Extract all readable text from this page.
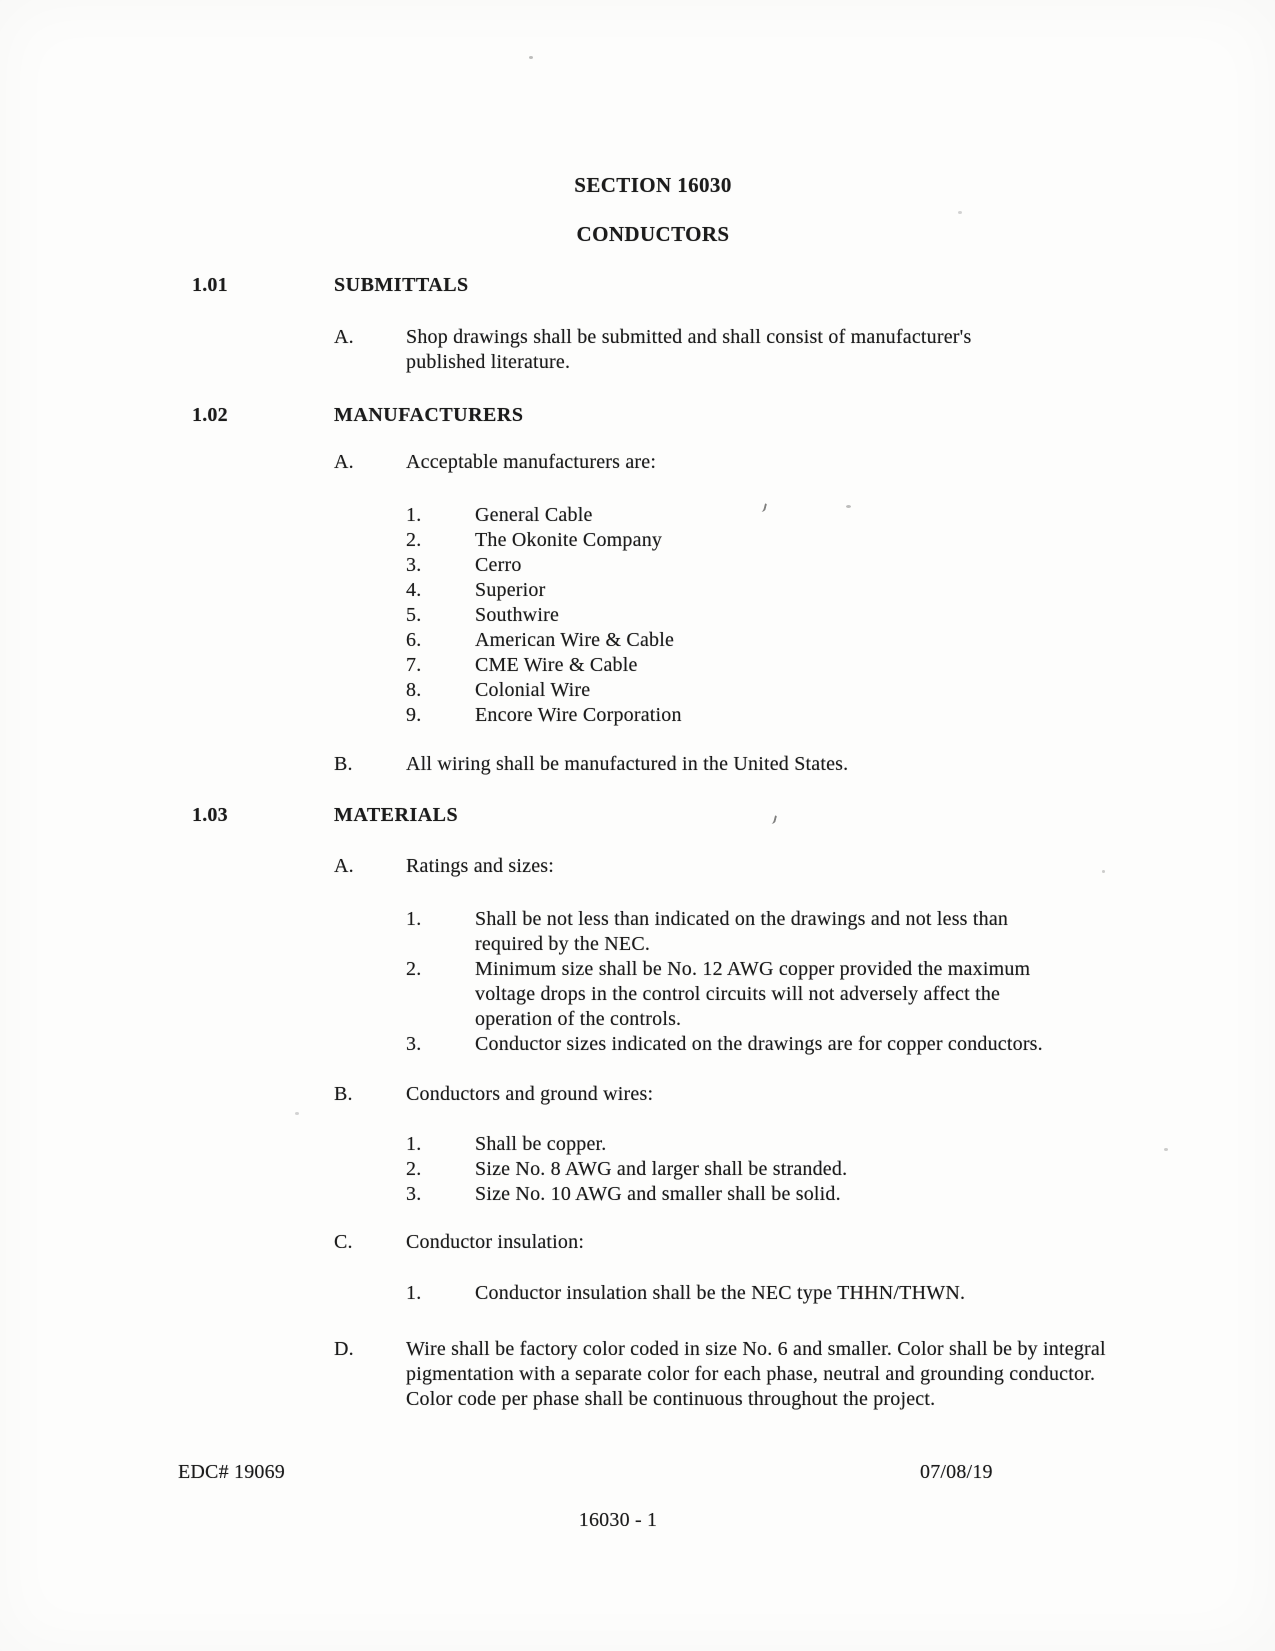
SECTION 16030
CONDUCTORS
1.01	SUBMITTALS
A.	Shop drawings shall be submitted and shall consist of manufacturer's published literature.
1.02	MANUFACTURERS
A.	Acceptable manufacturers are:
1.	General Cable
2.	The Okonite Company
3.	Cerro
4.	Superior
5.	Southwire
6.	American Wire & Cable
7.	CME Wire & Cable
8.	Colonial Wire
9.	Encore Wire Corporation
B.	All wiring shall be manufactured in the United States.
1.03	MATERIALS
A.	Ratings and sizes:
1.	Shall be not less than indicated on the drawings and not less than required by the NEC.
2.	Minimum size shall be No. 12 AWG copper provided the maximum voltage drops in the control circuits will not adversely affect the operation of the controls.
3.	Conductor sizes indicated on the drawings are for copper conductors.
B.	Conductors and ground wires:
1.	Shall be copper.
2.	Size No. 8 AWG and larger shall be stranded.
3.	Size No. 10 AWG and smaller shall be solid.
C.	Conductor insulation:
1.	Conductor insulation shall be the NEC type THHN/THWN.
D.	Wire shall be factory color coded in size No. 6 and smaller. Color shall be by integral pigmentation with a separate color for each phase, neutral and grounding conductor.  Color code per phase shall be continuous throughout the project.
EDC# 19069	07/08/19
16030 - 1
